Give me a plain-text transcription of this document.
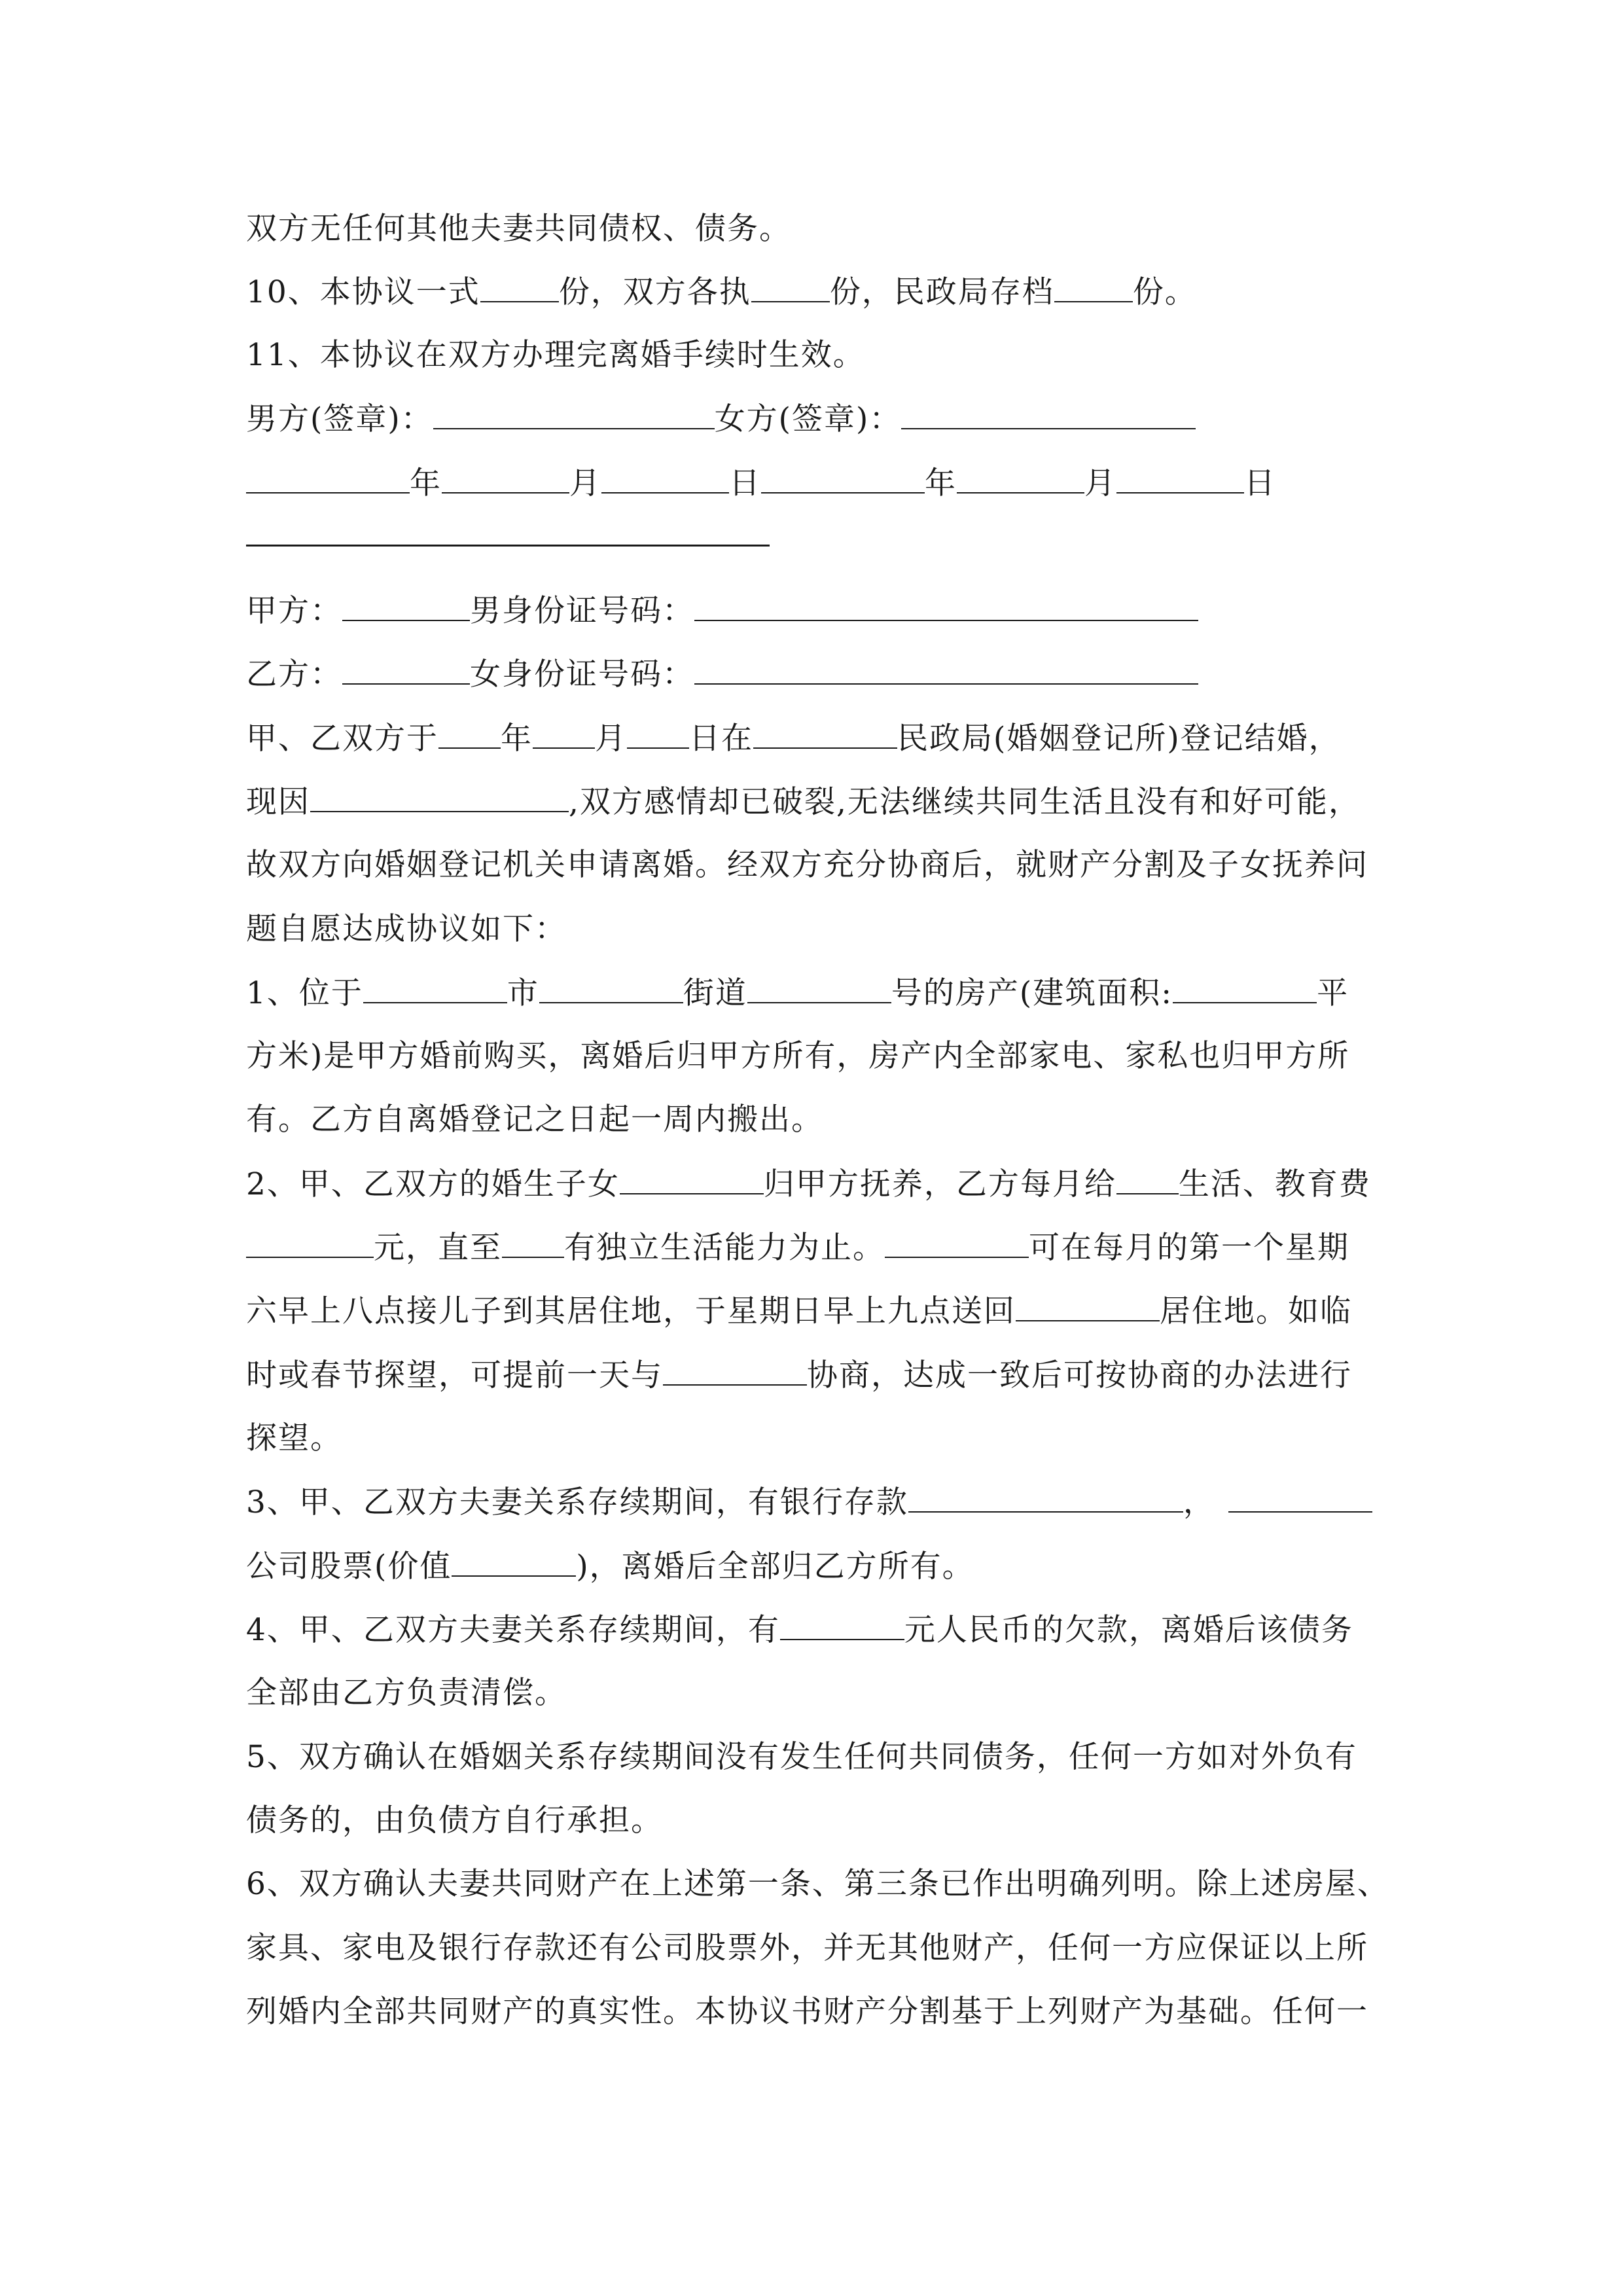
双方无任何其他夫妻共同债权、债务。
10、本协议一式	份，双方各执	份，民政局存档	份。
11、本协议在双方办理完离婚手续时生效。
男方(签章)：	女方(签章)：
年	月	日	年	月	日
甲方：	男身份证号码：
乙方：	女身份证号码：
甲、乙双方于 年 月 日在	民政局(婚姻登记所)登记结婚，
现因	,双方感情却已破裂,无法继续共同生活且没有和好可能，
故双方向婚姻登记机关申请离婚。经双方充分协商后，就财产分割及子女抚养问
题自愿达成协议如下：
1、位于	市	街道	号的房产(建筑面积:	平
方米)是甲方婚前购买，离婚后归甲方所有，房产内全部家电、家私也归甲方所
有。乙方自离婚登记之日起一周内搬出。
2、甲、乙双方的婚生子女	归甲方抚养，乙方每月给 生活、教育费
元，直至 有独立生活能力为止。	可在每月的第一个星期
六早上八点接儿子到其居住地，于星期日早上九点送回	居住地。如临
时或春节探望，可提前一天与	协商，达成一致后可按协商的办法进行
探望。
3、甲、乙双方夫妻关系存续期间，有银行存款	，
公司股票(价值	)，离婚后全部归乙方所有。
4、甲、乙双方夫妻关系存续期间，有	元人民币的欠款，离婚后该债务
全部由乙方负责清偿。
5、双方确认在婚姻关系存续期间没有发生任何共同债务，任何一方如对外负有
债务的，由负债方自行承担。
6、双方确认夫妻共同财产在上述第一条、第三条已作出明确列明。除上述房屋、
家具、家电及银行存款还有公司股票外，并无其他财产，任何一方应保证以上所
列婚内全部共同财产的真实性。本协议书财产分割基于上列财产为基础。任何一
